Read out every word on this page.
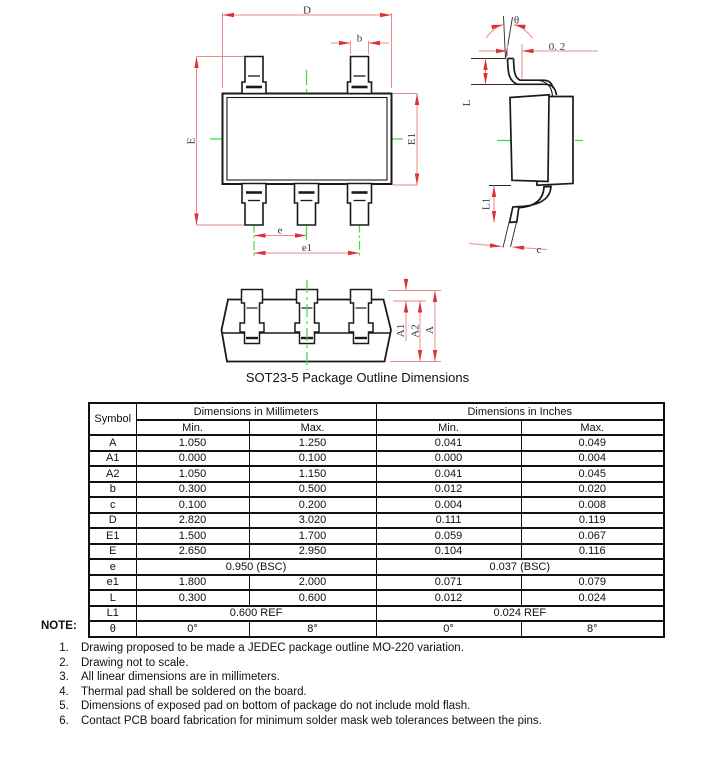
D
b
E	E1
e
e1
θ
0. 2
L
L1
c
A1 A2 A
SOT23-5 Package Outline Dimensions
Symbol	Dimensions in Millimeters		Dimensions in Inches	
	Min.	Max.	Min.	Max.
A	1.050	1.250	0.041	0.049
A1	0.000	0.100	0.000	0.004
A2	1.050	1.150	0.041	0.045
b	0.300	0.500	0.012	0.020
c	0.100	0.200	0.004	0.008
D	2.820	3.020	0.111	0.119
E1	1.500	1.700	0.059	0.067
E	2.650	2.950	0.104	0.116
e	0.950 (BSC)		0.037 (BSC)	
e1	1.800	2.000	0.071	0.079
L	0.300	0.600	0.012	0.024
L1	0.600 REF		0.024 REF	
θ	0°	8°	0°	8°

NOTE:

1. Drawing proposed to be made a JEDEC package outline MO-220 variation.
2. Drawing not to scale.
3. All linear dimensions are in millimeters.
4. Thermal pad shall be soldered on the board.
5. Dimensions of exposed pad on bottom of package do not include mold flash.
6. Contact PCB board fabrication for minimum solder mask web tolerances between the pins.
